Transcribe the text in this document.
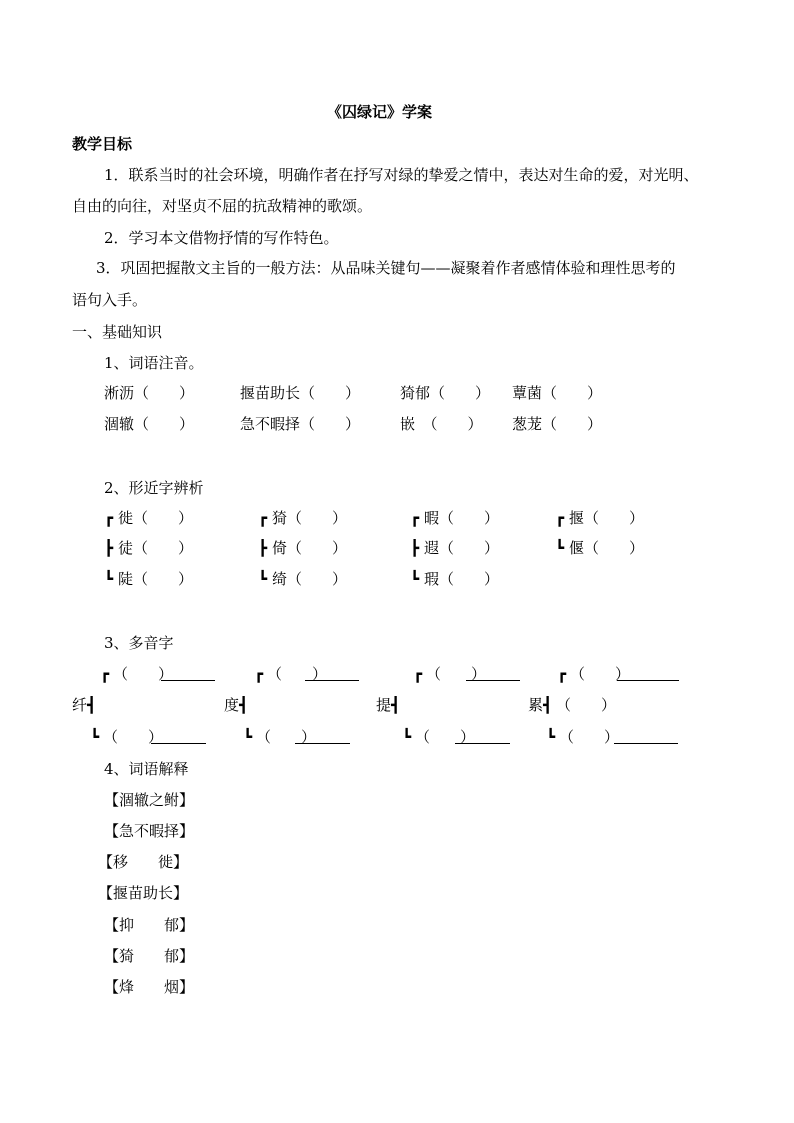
《囚绿记》学案
教学目标
1．联系当时的社会环境，明确作者在抒写对绿的挚爱之情中，表达对生命的爱，对光明、
自由的向往，对坚贞不屈的抗敌精神的歌颂。
2．学习本文借物抒情的写作特色。
3．巩固把握散文主旨的一般方法：从品味关键句——凝聚着作者感情体验和理性思考的
语句入手。
一、基础知识
1、词语注音。
淅沥（　　）	揠苗助长（　　）	猗郁（　　） 蕈菌（　　）
涸辙（　　）	急不暇择（　　）	嵌　（　　） 葱茏（　　）
2、形近字辨析
┏ 徙（　　）	┏ 猗（　　）	┏ 暇（　　）	┏ 揠（　　）
┣ 徒（　　）	┣ 倚（　　）	┣ 遐（　　）	┗ 偃（　　）
┗ 陡（　　）	┗ 绮（　　）	┗ 瑕（　　）
3、多音字
┏ （　　）	┏ （　　）	┏ （　　）	┏ （　　）
纤 ┫	度 ┫	提 ┫	累 ┫ （　　）
┗ （　　）	┗ （　　）	┗ （　　）	┗ （　　）
4、词语解释
【涸辙之鲋】
【急不暇择】
【移　　徙】
【揠苗助长】
【抑　　郁】
【猗　　郁】
【烽　　烟】
